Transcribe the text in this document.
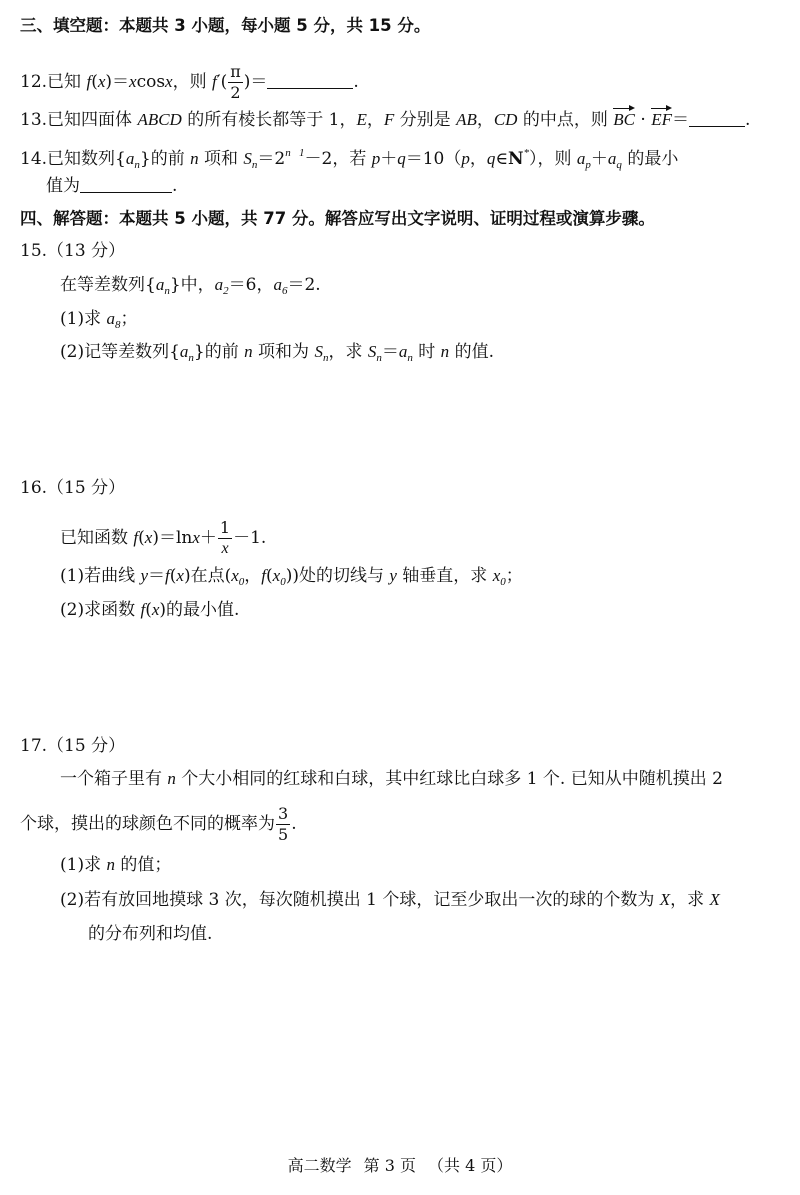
三、填空题：本题共 3 小题，每小题 5 分，共 15 分。
12.已知 f(x)＝xcosx，则 $f'( \frac{\pi}{2}$ )＝	.
13.已知四面体 ABCD 的所有棱长都等于 1，E，F 分别是 AB，CD 的中点，则 BC · EF＝	.
14.已知数列$\{a_n\}$的前 n 项和 $S_n=2^{n 1}-2$，若 p＋q＝10（p，q∈N*），则 $a_p+a_q$ 的最小
值为	.
四、解答题：本题共 5 小题，共 77 分。解答应写出文字说明、证明过程或演算步骤。
15.（13 分）
在等差数列$\{a_n\}$中，$a_2=6$，$a_6=2$.
(1)求 $a_8$；
(2)记等差数列$\{a_n\}$的前 n 项和为 $S_n$，求 $S_n=a_n$ 时 n 的值.
16.（15 分）
已知函数 $f(x)=\ln x+ \frac{1}{x} -1$.
(1)若曲线 y＝f(x)在点($x_0$，$f(x_0)$)处的切线与 y 轴垂直，求 $x_0$；
(2)求函数 f(x)的最小值.
17.（15 分）
一个箱子里有 n 个大小相同的红球和白球，其中红球比白球多 1 个. 已知从中随机摸出 2
个球，摸出的球颜色不同的概率为 $\frac{3}{5}$ .
(1)求 n 的值；
(2)若有放回地摸球 3 次，每次随机摸出 1 个球，记至少取出一次的球的个数为 X，求 X
的分布列和均值.
高二数学 第 3 页 （共 4 页）
